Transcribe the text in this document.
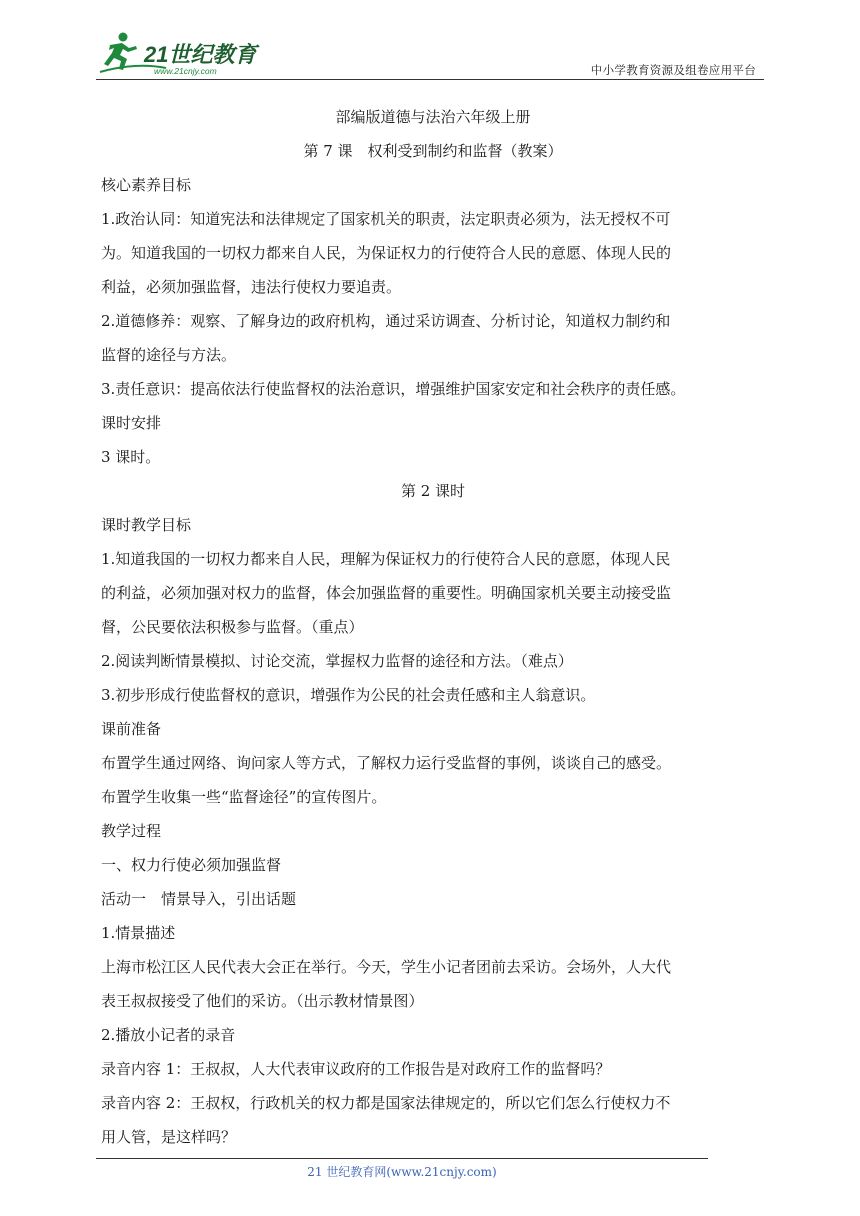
21世纪教育
www.21cnjy.com	中小学教育资源及组卷应用平台
部编版道德与法治六年级上册
第 7 课　权利受到制约和监督（教案）
核心素养目标
1.政治认同：知道宪法和法律规定了国家机关的职责，法定职责必须为，法无授权不可
为。知道我国的一切权力都来自人民，为保证权力的行使符合人民的意愿、体现人民的
利益，必须加强监督，违法行使权力要追责。
2.道德修养：观察、了解身边的政府机构，通过采访调查、分析讨论，知道权力制约和
监督的途径与方法。
3.责任意识：提高依法行使监督权的法治意识，增强维护国家安定和社会秩序的责任感。
课时安排
3 课时。
第 2 课时
课时教学目标
1.知道我国的一切权力都来自人民，理解为保证权力的行使符合人民的意愿，体现人民
的利益，必须加强对权力的监督，体会加强监督的重要性。明确国家机关要主动接受监
督，公民要依法积极参与监督。（重点）
2.阅读判断情景模拟、讨论交流，掌握权力监督的途径和方法。（难点）
3.初步形成行使监督权的意识，增强作为公民的社会责任感和主人翁意识。
课前准备
布置学生通过网络、询问家人等方式，了解权力运行受监督的事例，谈谈自己的感受。
布置学生收集一些“监督途径”的宣传图片。
教学过程
一、权力行使必须加强监督
活动一　情景导入，引出话题
1.情景描述
上海市松江区人民代表大会正在举行。今天，学生小记者团前去采访。会场外，人大代
表王叔叔接受了他们的采访。（出示教材情景图）
2.播放小记者的录音
录音内容 1：王叔叔，人大代表审议政府的工作报告是对政府工作的监督吗？
录音内容 2：王叔权，行政机关的权力都是国家法律规定的，所以它们怎么行使权力不
用人管，是这样吗？
21 世纪教育网(www.21cnjy.com)
